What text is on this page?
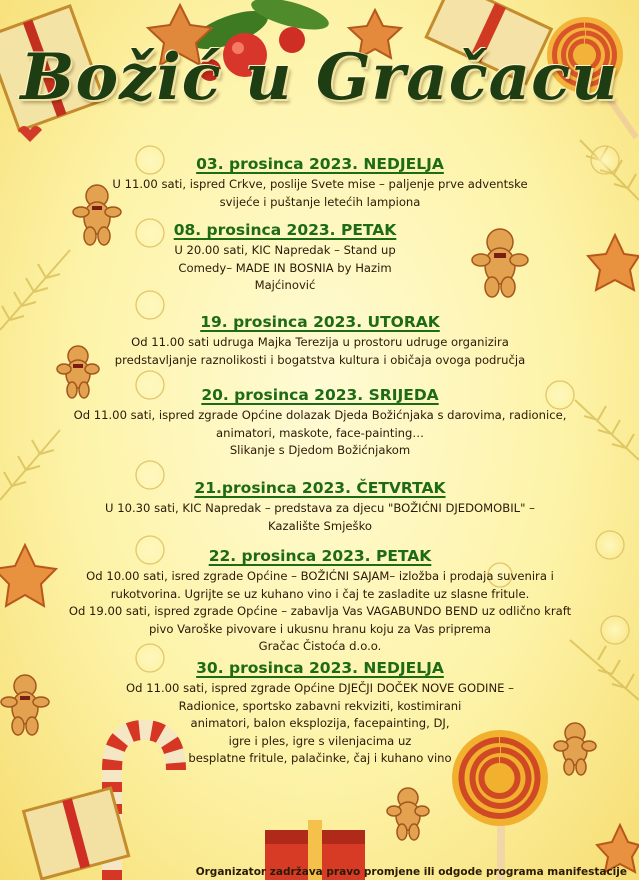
Božić u Gračacu
03. prosinca 2023. NEDJELJA
U 11.00 sati, ispred Crkve, poslije Svete mise – paljenje prve adventske
svijeće i puštanje letećih lampiona
08. prosinca 2023. PETAK
U 20.00 sati, KIC Napredak – Stand up
Comedy– MADE IN BOSNIA by Hazim
Majćinović
19. prosinca 2023. UTORAK
Od 11.00 sati udruga Majka Terezija u prostoru udruge organizira
predstavljanje raznolikosti i bogatstva kultura i običaja ovoga područja
20. prosinca 2023. SRIJEDA
Od 11.00 sati, ispred zgrade Općine dolazak Djeda Božićnjaka s darovima, radionice,
animatori, maskote, face-painting…
Slikanje s Djedom Božićnjakom
21.prosinca 2023. ČETVRTAK
U 10.30 sati, KIC Napredak – predstava za djecu "BOŽIĆNI DJEDOMOBIL" –
Kazalište Smješko
22. prosinca 2023. PETAK
Od 10.00 sati, isred zgrade Općine – BOŽIĆNI SAJAM– izložba i prodaja suvenira i
rukotvorina. Ugrijte se uz kuhano vino i čaj te zasladite uz slasne fritule.
Od 19.00 sati, ispred zgrade Općine – zabavlja Vas VAGABUNDO BEND uz odlično kraft
pivo Varoške pivovare i ukusnu hranu koju za Vas priprema
Gračac Čistoća d.o.o.
30. prosinca 2023. NEDJELJA
Od 11.00 sati, ispred zgrade Općine DJEČJI DOČEK NOVE GODINE –
Radionice, sportsko zabavni rekviziti, kostimirani
animatori, balon eksplozija, facepainting, DJ,
igre i ples, igre s vilenjacima uz
besplatne fritule, palačinke, čaj i kuhano vino
Organizator zadržava pravo promjene ili odgode programa manifestacije
